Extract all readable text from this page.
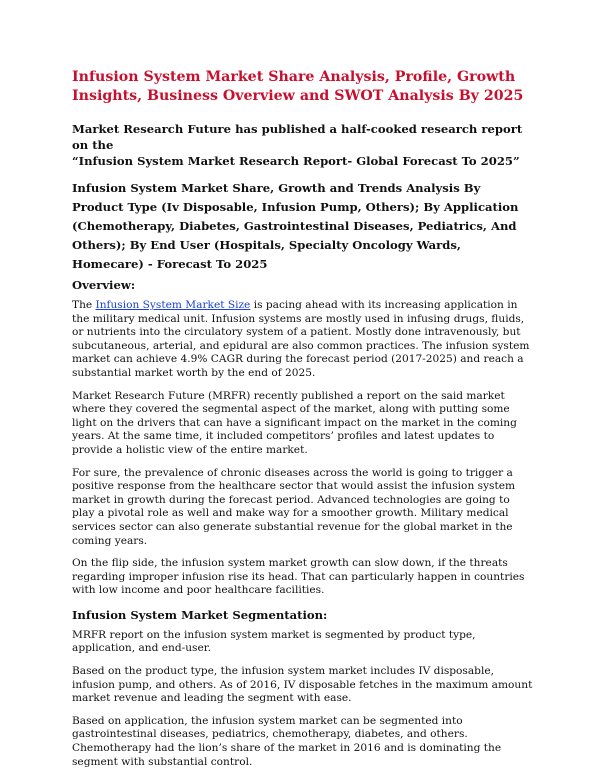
Infusion System Market Share Analysis, Profile, Growth Insights, Business Overview and SWOT Analysis By 2025

Market Research Future has published a half-cooked research report on the
“Infusion System Market Research Report- Global Forecast To 2025”

Infusion System Market Share, Growth and Trends Analysis By Product Type (Iv Disposable, Infusion Pump, Others); By Application (Chemotherapy, Diabetes, Gastrointestinal Diseases, Pediatrics, And Others); By End User (Hospitals, Specialty Oncology Wards, Homecare) - Forecast To 2025

Overview:

The Infusion System Market Size is pacing ahead with its increasing application in the military medical unit. Infusion systems are mostly used in infusing drugs, fluids, or nutrients into the circulatory system of a patient. Mostly done intravenously, but subcutaneous, arterial, and epidural are also common practices. The infusion system market can achieve 4.9% CAGR during the forecast period (2017-2025) and reach a substantial market worth by the end of 2025.

Market Research Future (MRFR) recently published a report on the said market where they covered the segmental aspect of the market, along with putting some light on the drivers that can have a significant impact on the market in the coming years. At the same time, it included competitors’ profiles and latest updates to provide a holistic view of the entire market.

For sure, the prevalence of chronic diseases across the world is going to trigger a positive response from the healthcare sector that would assist the infusion system market in growth during the forecast period. Advanced technologies are going to play a pivotal role as well and make way for a smoother growth. Military medical services sector can also generate substantial revenue for the global market in the coming years.

On the flip side, the infusion system market growth can slow down, if the threats regarding improper infusion rise its head. That can particularly happen in countries with low income and poor healthcare facilities.

Infusion System Market Segmentation:

MRFR report on the infusion system market is segmented by product type, application, and end-user.

Based on the product type, the infusion system market includes IV disposable, infusion pump, and others. As of 2016, IV disposable fetches in the maximum amount market revenue and leading the segment with ease.

Based on application, the infusion system market can be segmented into gastrointestinal diseases, pediatrics, chemotherapy, diabetes, and others. Chemotherapy had the lion’s share of the market in 2016 and is dominating the segment with substantial control.
